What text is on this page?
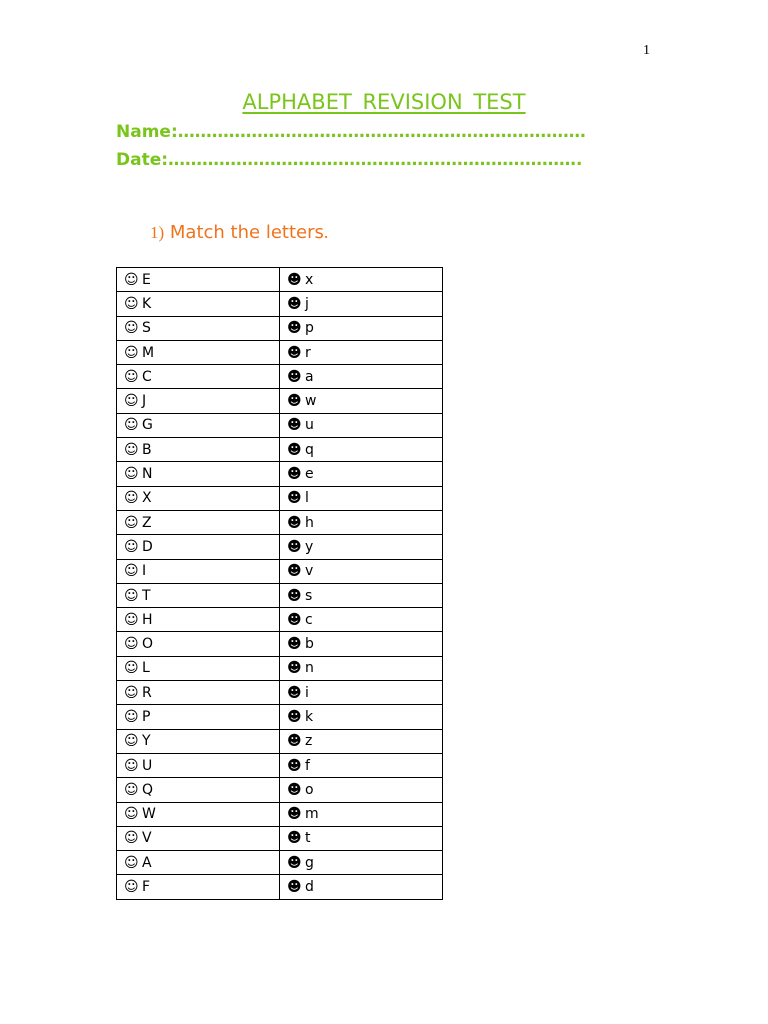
1
ALPHABET REVISION TEST
Name:………………………………………………………………
Date:……………………………………………………………….
1) Match the letters.
☺ E	☻ x
☺ K	☻ j
☺ S	☻ p
☺ M	☻ r
☺ C	☻ a
☺ J	☻ w
☺ G	☻ u
☺ B	☻ q
☺ N	☻ e
☺ X	☻ l
☺ Z	☻ h
☺ D	☻ y
☺ I	☻ v
☺ T	☻ s
☺ H	☻ c
☺ O	☻ b
☺ L	☻ n
☺ R	☻ i
☺ P	☻ k
☺ Y	☻ z
☺ U	☻ f
☺ Q	☻ o
☺ W	☻ m
☺ V	☻ t
☺ A	☻ g
☺ F	☻ d
